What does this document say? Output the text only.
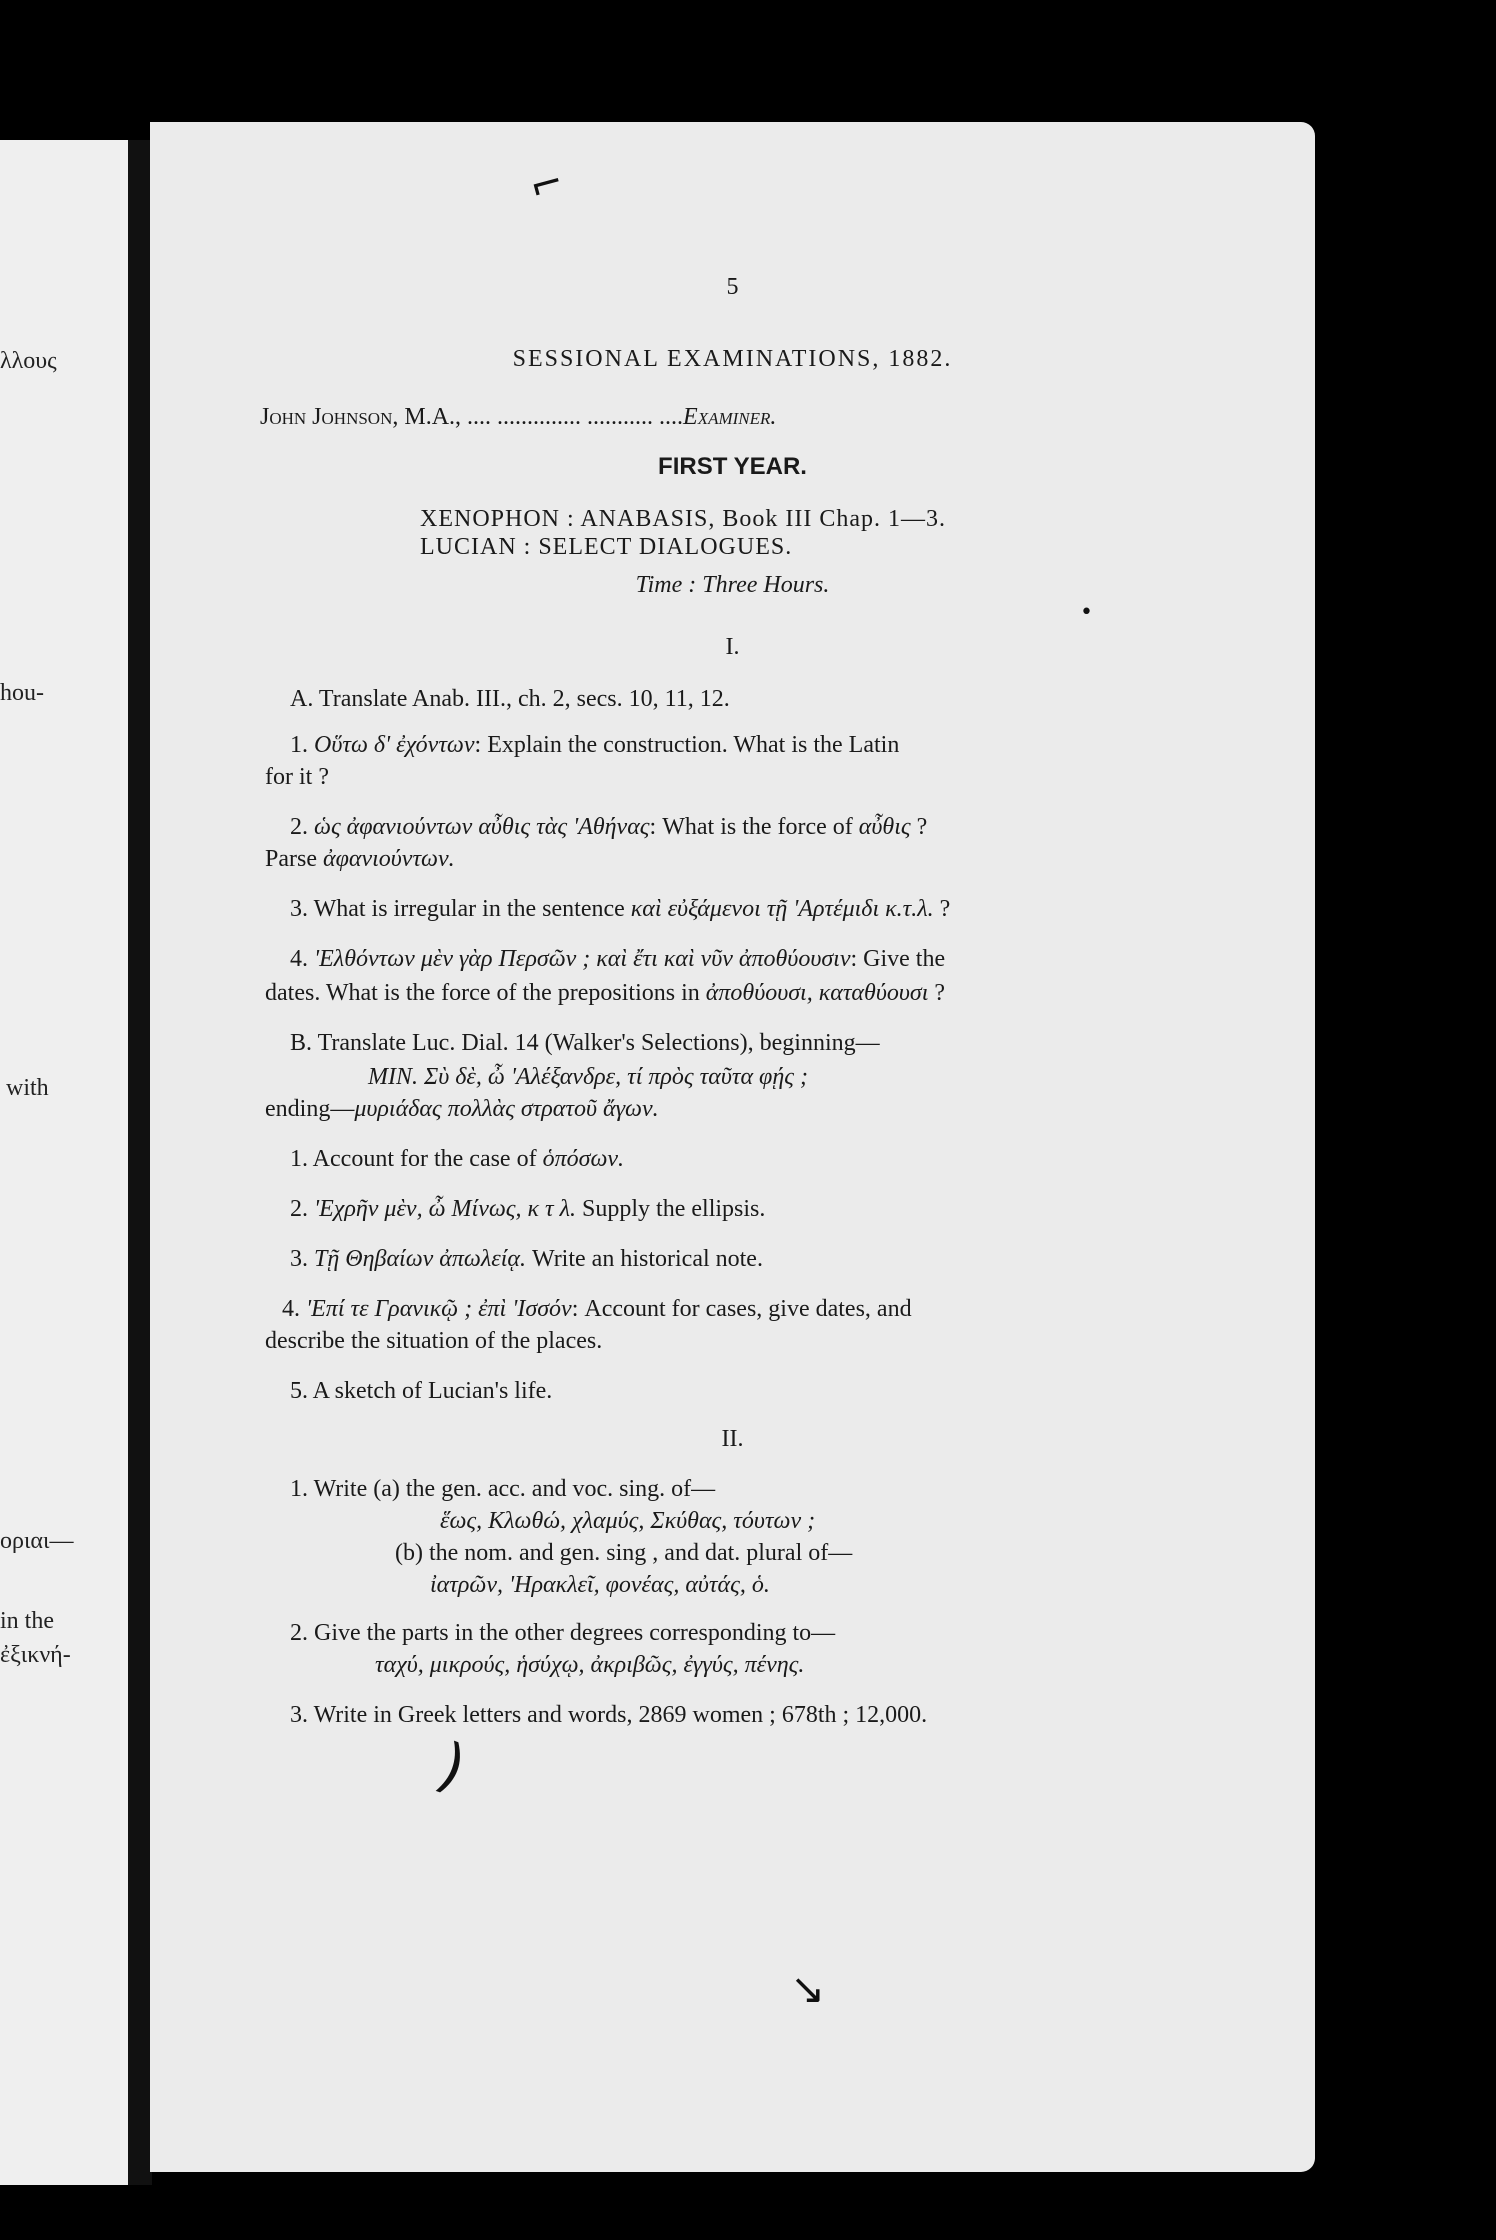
λλους
hou-
with
οριαι—
in the
ἐξικνή-
⌐
5
SESSIONAL EXAMINATIONS, 1882.
John Johnson, M.A., .... .............. ........... ....Examiner.
FIRST YEAR.
XENOPHON : ANABASIS, Book III Chap. 1—3.
LUCIAN : SELECT DIALOGUES.
Time : Three Hours.
I.
A. Translate Anab. III., ch. 2, secs. 10, 11, 12.
1. Οὕτω δ' ἐχόντων: Explain the construction. What is the Latin
for it ?
2. ὡς ἀφανιούντων αὖθις τὰς 'Αθήνας: What is the force of αὖθις ?
Parse ἀφανιούντων.
3. What is irregular in the sentence καὶ εὐξάμενοι τῇ 'Αρτέμιδι κ.τ.λ. ?
4. 'Ελθόντων μὲν γὰρ Περσῶν ; καὶ ἔτι καὶ νῦν ἀποθύουσιν: Give the
dates. What is the force of the prepositions in ἀποθύουσι, καταθύουσι ?
B. Translate Luc. Dial. 14 (Walker's Selections), beginning—
ΜΙΝ. Σὺ δὲ, ὦ 'Αλέξανδρε, τί πρὸς ταῦτα φῄς ;
ending—μυριάδας πολλὰς στρατοῦ ἄγων.
1. Account for the case of ὁπόσων.
2. 'Εχρῆν μὲν, ὦ Μίνως, κ τ λ. Supply the ellipsis.
3. Τῇ Θηβαίων ἀπωλείᾳ. Write an historical note.
4. 'Επί τε Γρανικῷ ; ἐπὶ 'Ισσόν: Account for cases, give dates, and
describe the situation of the places.
5. A sketch of Lucian's life.
II.
1. Write (a) the gen. acc. and voc. sing. of—
ἕως, Κλωθώ, χλαμύς, Σκύθας, τόυτων ;
(b) the nom. and gen. sing , and dat. plural of—
ἰατρῶν, 'Ηρακλεῖ, φονέας, αὐτάς, ὁ.
2. Give the parts in the other degrees corresponding to—
ταχύ, μικρούς, ἡσύχῳ, ἀκριβῶς, ἐγγύς, πένης.
3. Write in Greek letters and words, 2869 women ; 678th ; 12,000.
)
↘
•
